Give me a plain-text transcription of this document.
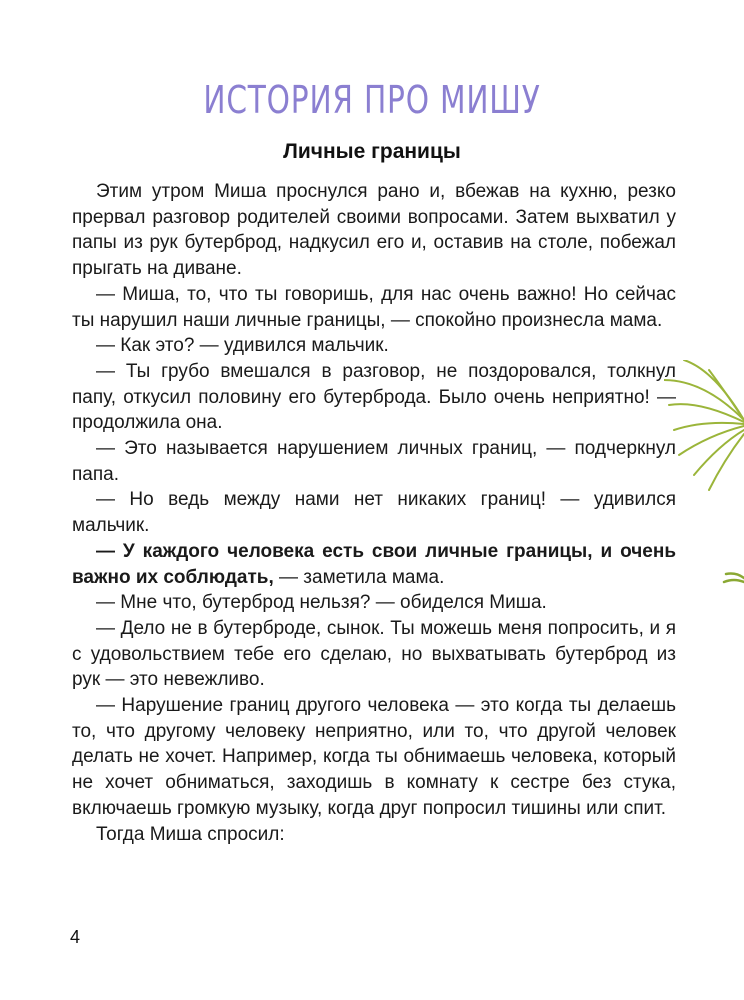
ИСТОРИЯ ПРО МИШУ
Личные границы

Этим утром Миша проснулся рано и, вбежав на кухню, резко прервал разговор родителей своими вопросами. Затем выхватил у папы из рук бутерброд, надкусил его и, оставив на столе, побежал прыгать на диване.

— Миша, то, что ты говоришь, для нас очень важно! Но сейчас ты нарушил наши личные границы, — спокойно произнесла мама.

— Как это? — удивился мальчик.

— Ты грубо вмешался в разговор, не поздоровался, толкнул папу, откусил половину его бутерброда. Было очень неприятно! — продолжила она.

— Это называется нарушением личных границ, — подчеркнул папа.

— Но ведь между нами нет никаких границ! — удивился мальчик.

— У каждого человека есть свои личные границы, и очень важно их соблюдать, — заметила мама.

— Мне что, бутерброд нельзя? — обиделся Миша.

— Дело не в бутерброде, сынок. Ты можешь меня попросить, и я с удовольствием тебе его сделаю, но выхватывать бутерброд из рук — это невежливо.

— Нарушение границ другого человека — это когда ты делаешь то, что другому человеку неприятно, или то, что другой человек делать не хочет. Например, когда ты обнимаешь человека, который не хочет обниматься, заходишь в комнату к сестре без стука, включаешь громкую музыку, когда друг попросил тишины или спит.

Тогда Миша спросил:

4
